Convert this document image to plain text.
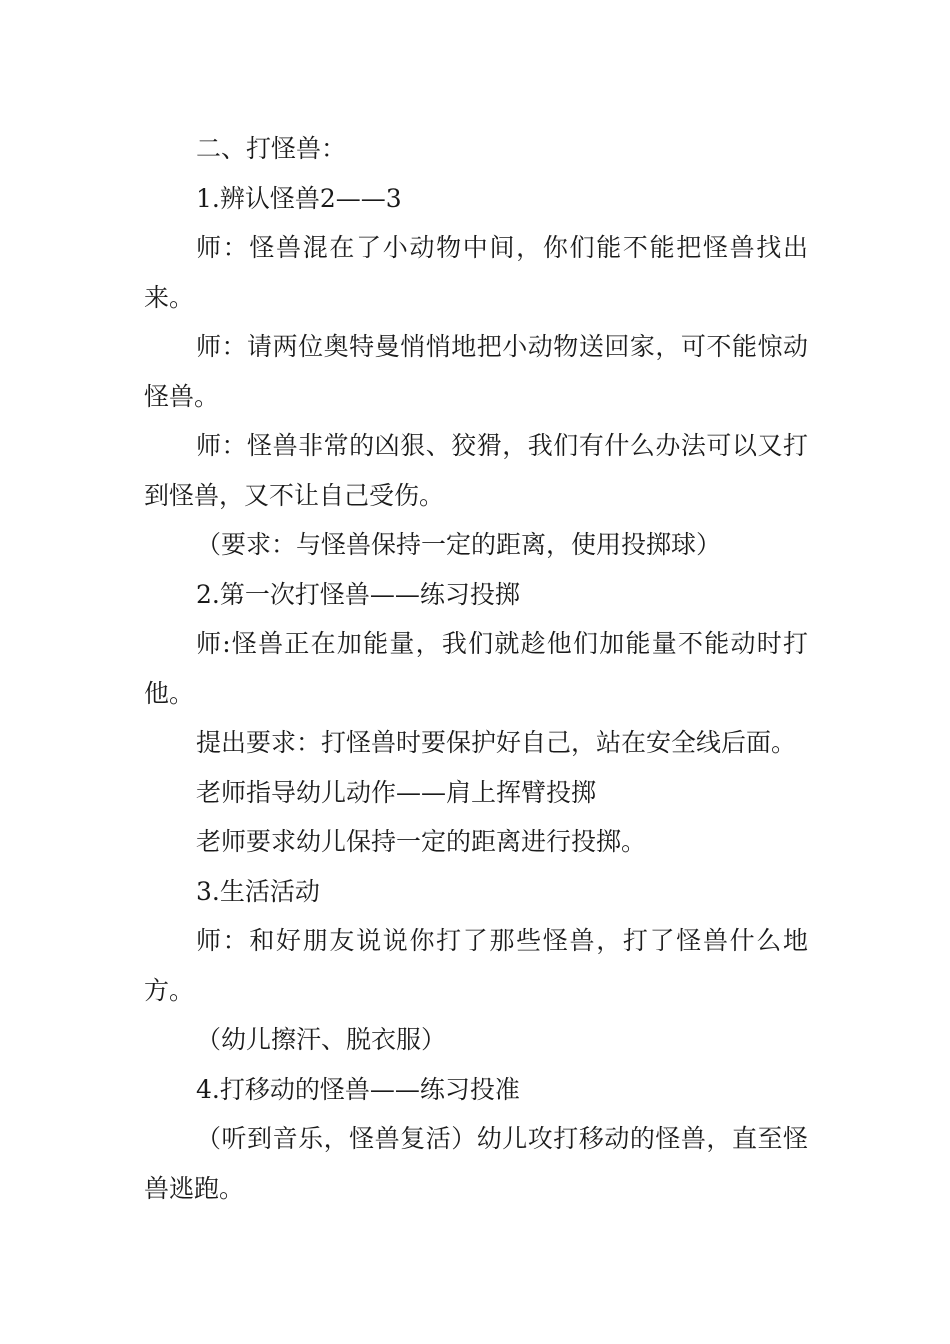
二、打怪兽：

1.辨认怪兽2——3

师：怪兽混在了小动物中间，你们能不能把怪兽找出来。

师：请两位奥特曼悄悄地把小动物送回家，可不能惊动怪兽。

师：怪兽非常的凶狠、狡猾，我们有什么办法可以又打到怪兽，又不让自己受伤。

（要求：与怪兽保持一定的距离，使用投掷球）

2.第一次打怪兽——练习投掷

师:怪兽正在加能量，我们就趁他们加能量不能动时打他。

提出要求：打怪兽时要保护好自己，站在安全线后面。

老师指导幼儿动作——肩上挥臂投掷

老师要求幼儿保持一定的距离进行投掷。

3.生活活动

师：和好朋友说说你打了那些怪兽，打了怪兽什么地方。

（幼儿擦汗、脱衣服）

4.打移动的怪兽——练习投准

（听到音乐，怪兽复活）幼儿攻打移动的怪兽，直至怪兽逃跑。
